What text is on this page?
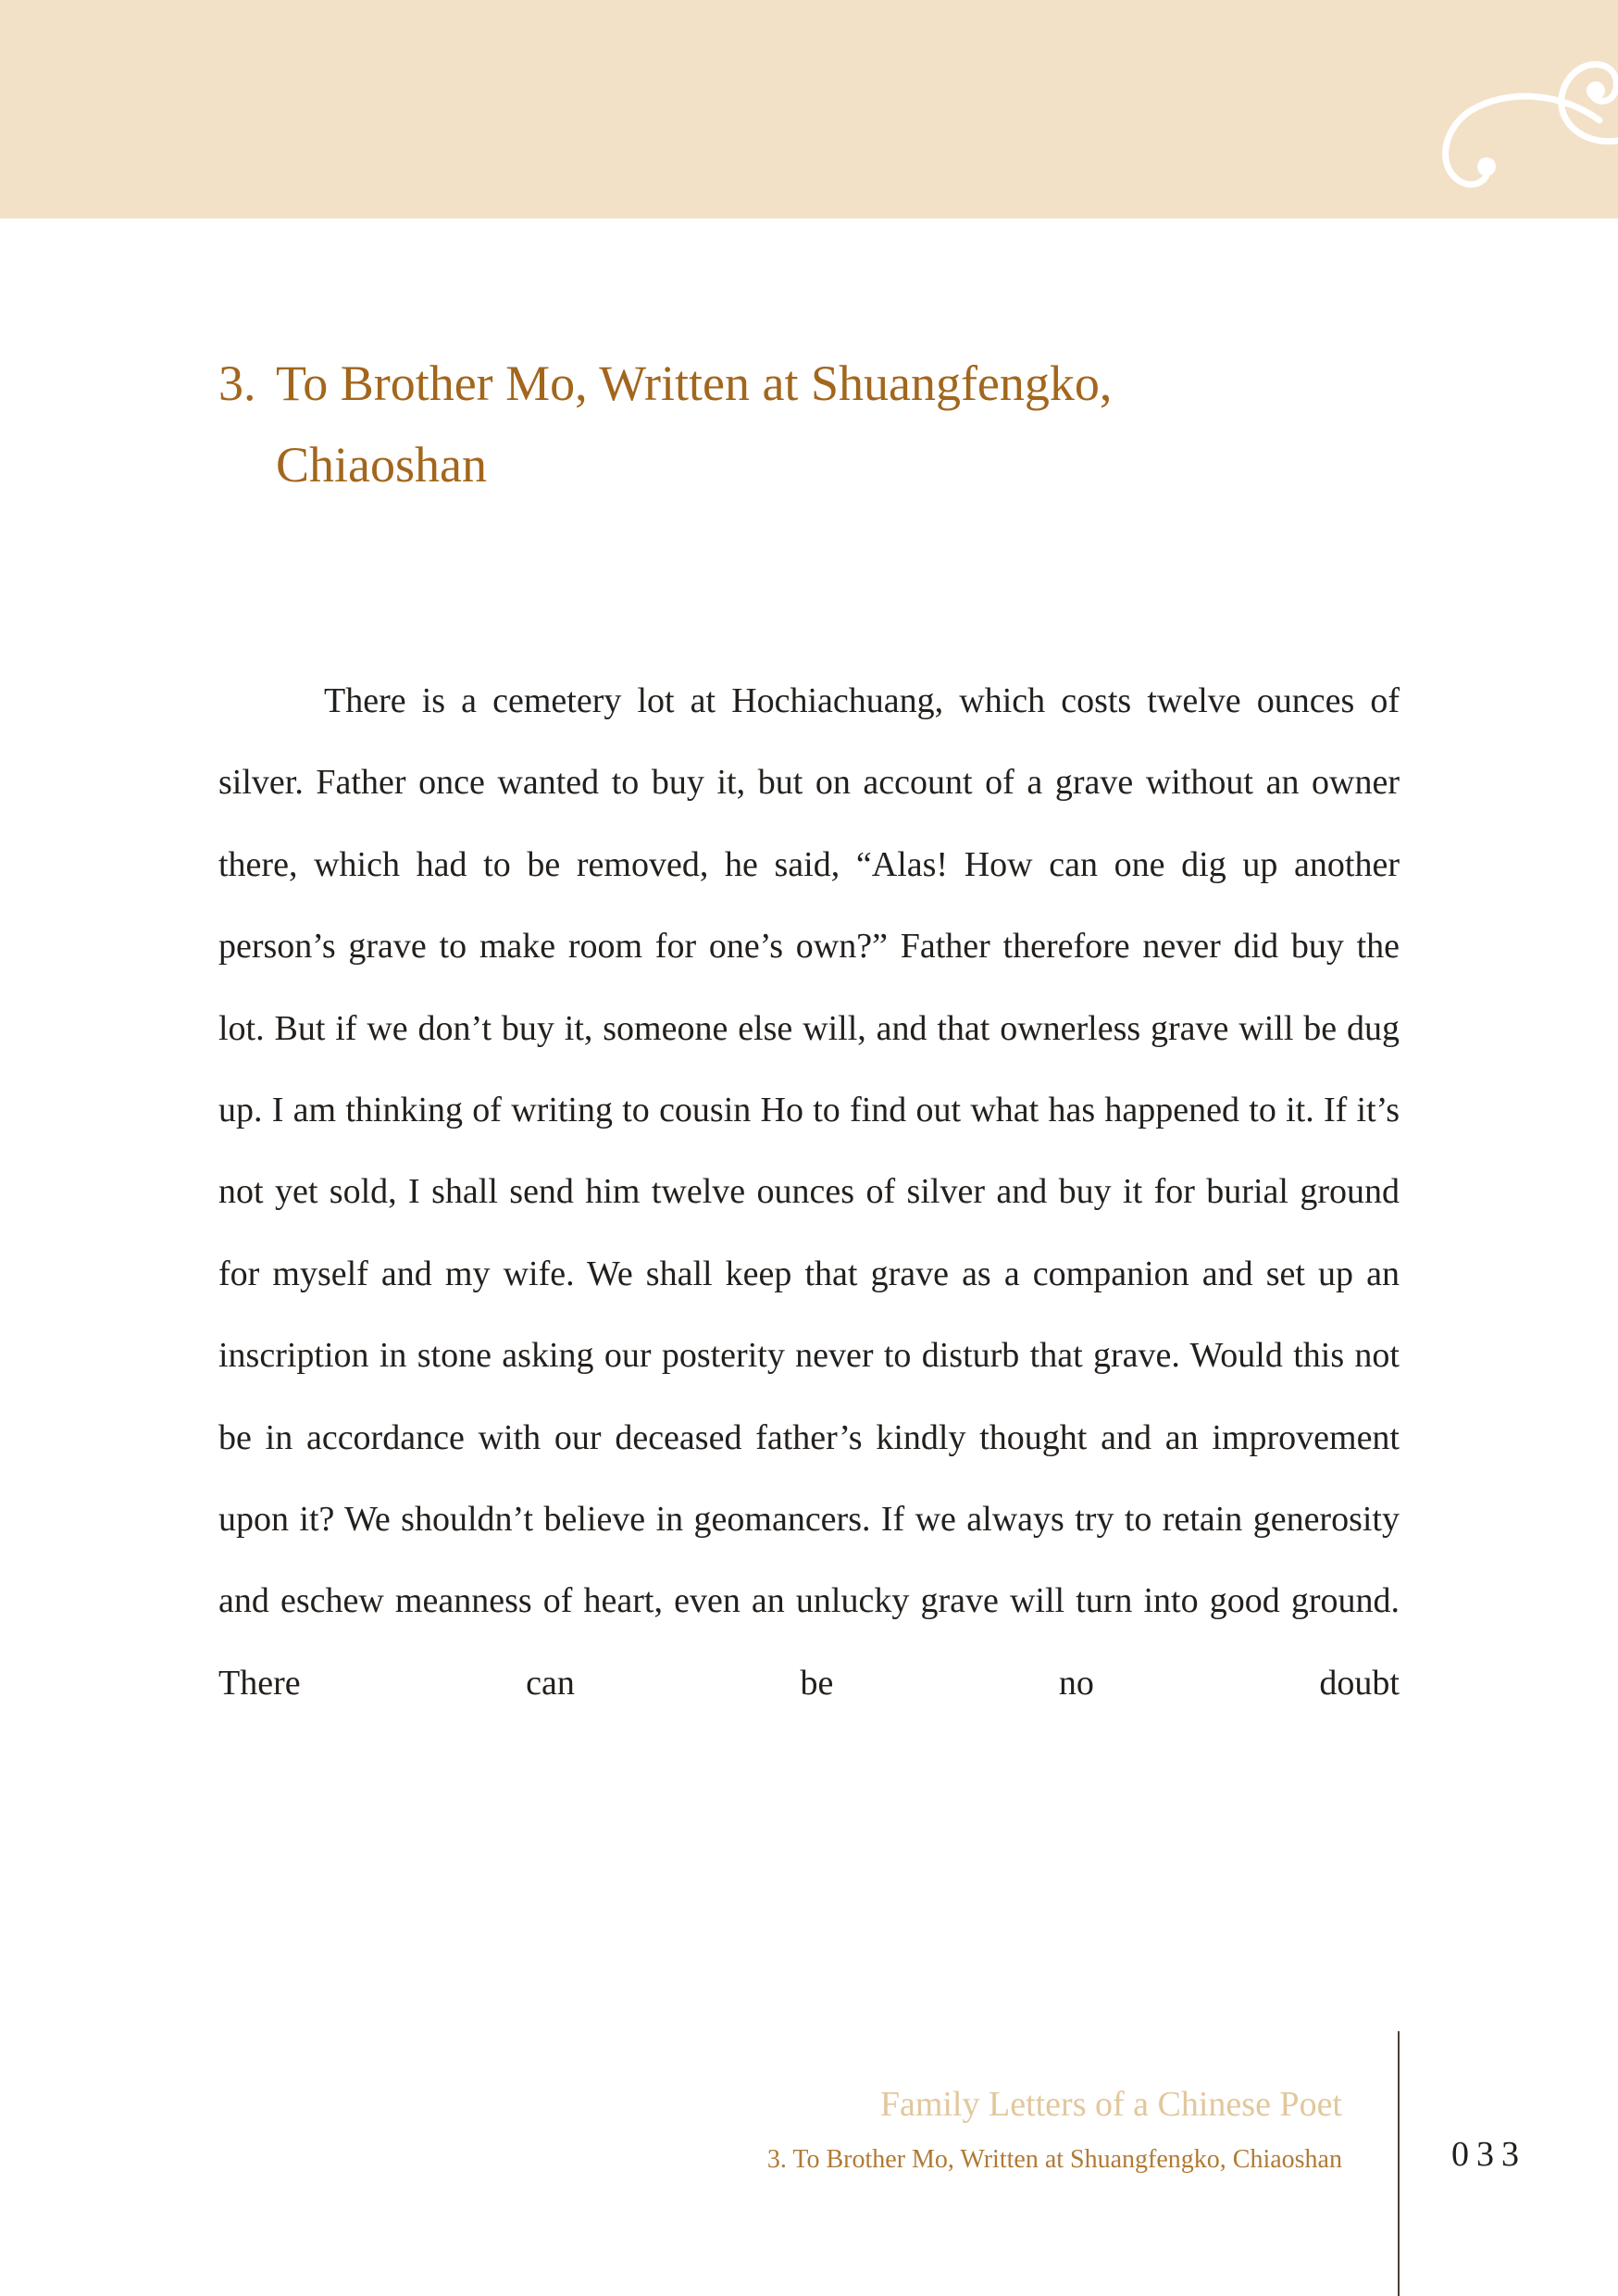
3. To Brother Mo, Written at Shuangfengko,
Chiaoshan

There is a cemetery lot at Hochiachuang, which costs twelve ounces of silver. Father once wanted to buy it, but on account of a grave without an owner there, which had to be removed, he said, “Alas! How can one dig up another person’s grave to make room for one’s own?” Father therefore never did buy the lot. But if we don’t buy it, someone else will, and that ownerless grave will be dug up. I am thinking of writing to cousin Ho to find out what has happened to it. If it’s not yet sold, I shall send him twelve ounces of silver and buy it for burial ground for myself and my wife. We shall keep that grave as a companion and set up an inscription in stone asking our posterity never to disturb that grave. Would this not be in accordance with our deceased father’s kindly thought and an improvement upon it? We shouldn’t believe in geomancers. If we always try to retain generosity and eschew meanness of heart, even an unlucky grave will turn into good ground. There can be no doubt

Family Letters of a Chinese Poet

3. To Brother Mo, Written at Shuangfengko, Chiaoshan	033
